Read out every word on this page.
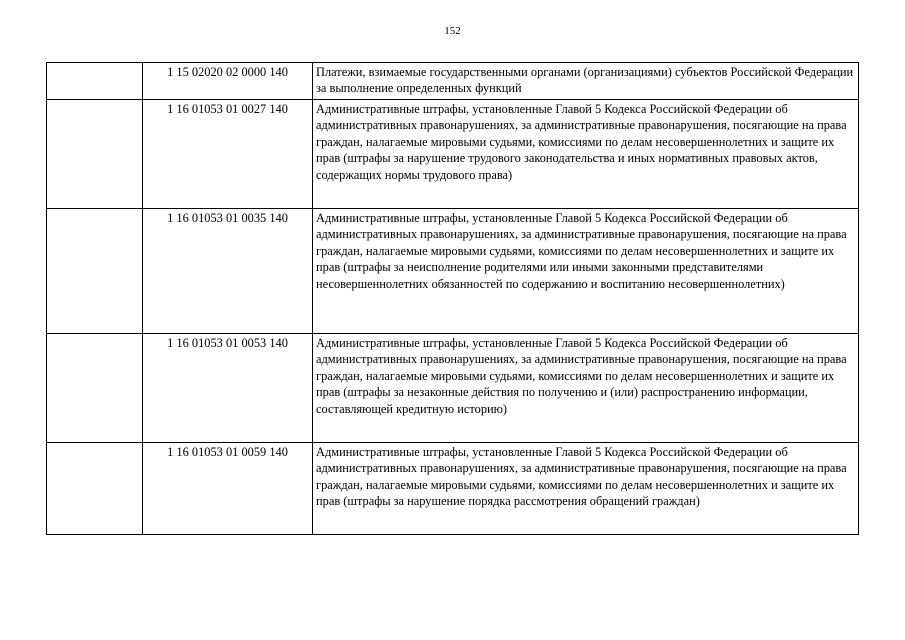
152
	1 15 02020 02 0000 140	Платежи, взимаемые государственными органами (организациями) субъектов Российской Федерации за выполнение определенных функций
	1 16 01053 01 0027 140	Административные штрафы, установленные Главой 5 Кодекса Российской Федерации об административных правонарушениях, за административные правонарушения, посягающие на права граждан, налагаемые мировыми судьями, комиссиями по делам несовершеннолетних и защите их прав (штрафы за нарушение трудового законодательства и иных нормативных правовых актов, содержащих нормы трудового права)
	1 16 01053 01 0035 140	Административные штрафы, установленные Главой 5 Кодекса Российской Федерации об административных правонарушениях, за административные правонарушения, посягающие на права граждан, налагаемые мировыми судьями, комиссиями по делам несовершеннолетних и защите их прав (штрафы за неисполнение родителями или иными законными представителями несовершеннолетних обязанностей по содержанию и воспитанию несовершеннолетних)
	1 16 01053 01 0053 140	Административные штрафы, установленные Главой 5 Кодекса Российской Федерации об административных правонарушениях, за административные правонарушения, посягающие на права граждан, налагаемые мировыми судьями, комиссиями по делам несовершеннолетних и защите их прав (штрафы за незаконные действия по получению и (или) распространению информации, составляющей кредитную историю)
	1 16 01053 01 0059 140	Административные штрафы, установленные Главой 5 Кодекса Российской Федерации об административных правонарушениях, за административные правонарушения, посягающие на права граждан, налагаемые мировыми судьями, комиссиями по делам несовершеннолетних и защите их прав (штрафы за нарушение порядка рассмотрения обращений граждан)
